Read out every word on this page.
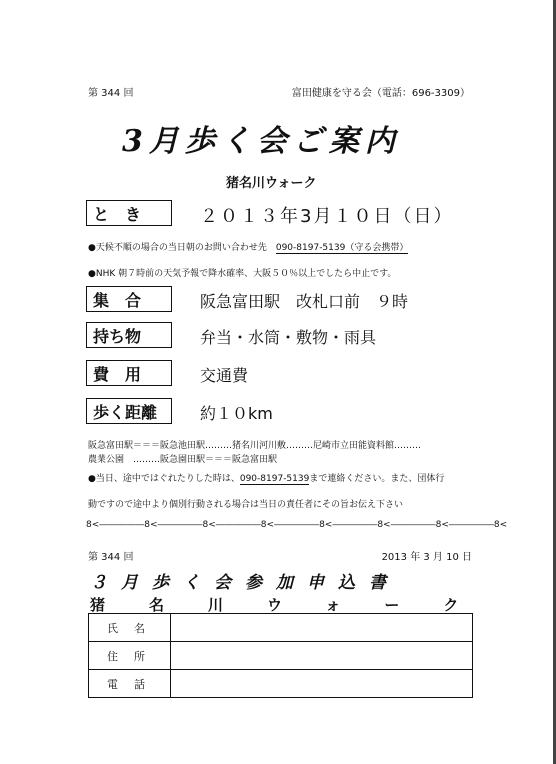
第 344 回	富田健康を守る会（電話：696-3309）
3月歩く会ご案内
猪名川ウォーク
と　き	２０１３年3月１０日（日）
●天候不順の場合の当日朝のお問い合わせ先　090-8197-5139（守る会携帯）
●NHK 朝７時前の天気予報で降水確率、大阪５０％以上でしたら中止です。
集　合	阪急富田駅　改札口前　９時
持ち物	弁当・水筒・敷物・雨具
費　用	交通費
歩く距離	約１０km
阪急富田駅＝＝＝阪急池田駅………猪名川河川敷………尼崎市立田能資料館………
農業公園　………阪急園田駅＝＝＝阪急富田駅
●当日、途中ではぐれたりした時は、090-8197-5139まで連絡ください。また、団体行
動ですので途中より個別行動される場合は当日の責任者にその旨お伝え下さい
8<―――――8<―――――8<―――――8<―――――8<―――――8<―――――8<―――――8<
第 344 回	2013 年 3 月 10 日
３月歩く会参加申込書
猪名川ウォーク
氏名	
住所	
電話	
